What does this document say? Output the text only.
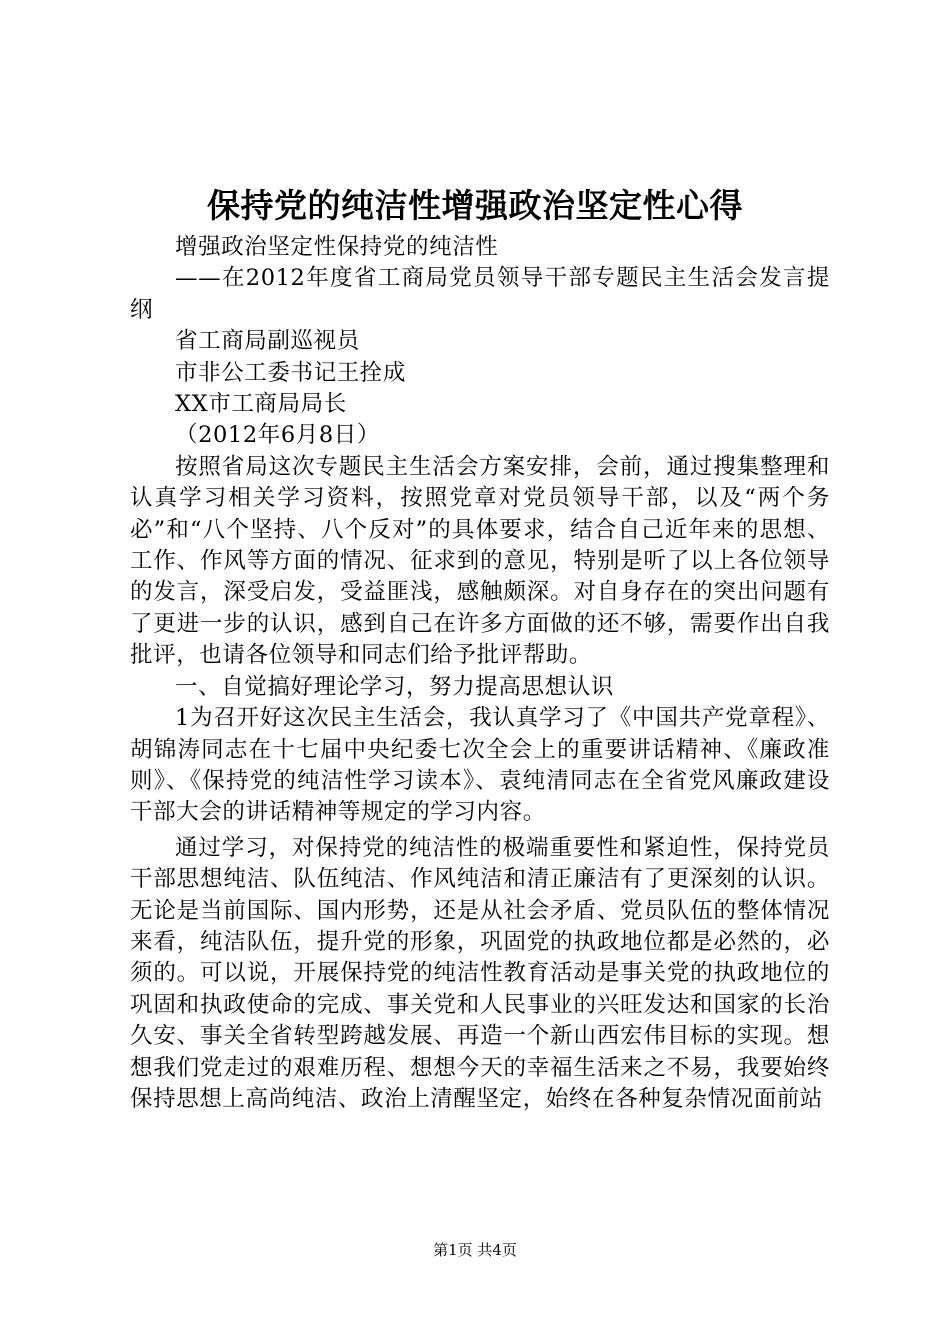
保持党的纯洁性增强政治坚定性心得

增强政治坚定性保持党的纯洁性

——在2012年度省工商局党员领导干部专题民主生活会发言提纲

省工商局副巡视员

市非公工委书记王拴成

XX市工商局局长

（2012年6月8日）

按照省局这次专题民主生活会方案安排，会前，通过搜集整理和认真学习相关学习资料，按照党章对党员领导干部，以及“两个务必”和“八个坚持、八个反对”的具体要求，结合自己近年来的思想、工作、作风等方面的情况、征求到的意见，特别是听了以上各位领导的发言，深受启发，受益匪浅，感触颇深。对自身存在的突出问题有了更进一步的认识，感到自己在许多方面做的还不够，需要作出自我批评，也请各位领导和同志们给予批评帮助。

一、自觉搞好理论学习，努力提高思想认识

1为召开好这次民主生活会，我认真学习了《中国共产党章程》、胡锦涛同志在十七届中央纪委七次全会上的重要讲话精神、《廉政准则》、《保持党的纯洁性学习读本》、袁纯清同志在全省党风廉政建设干部大会的讲话精神等规定的学习内容。

通过学习，对保持党的纯洁性的极端重要性和紧迫性，保持党员干部思想纯洁、队伍纯洁、作风纯洁和清正廉洁有了更深刻的认识。无论是当前国际、国内形势，还是从社会矛盾、党员队伍的整体情况来看，纯洁队伍，提升党的形象，巩固党的执政地位都是必然的，必须的。可以说，开展保持党的纯洁性教育活动是事关党的执政地位的巩固和执政使命的完成、事关党和人民事业的兴旺发达和国家的长治久安、事关全省转型跨越发展、再造一个新山西宏伟目标的实现。想想我们党走过的艰难历程、想想今天的幸福生活来之不易，我要始终保持思想上高尚纯洁、政治上清醒坚定，始终在各种复杂情况面前站

第1页 共4页
